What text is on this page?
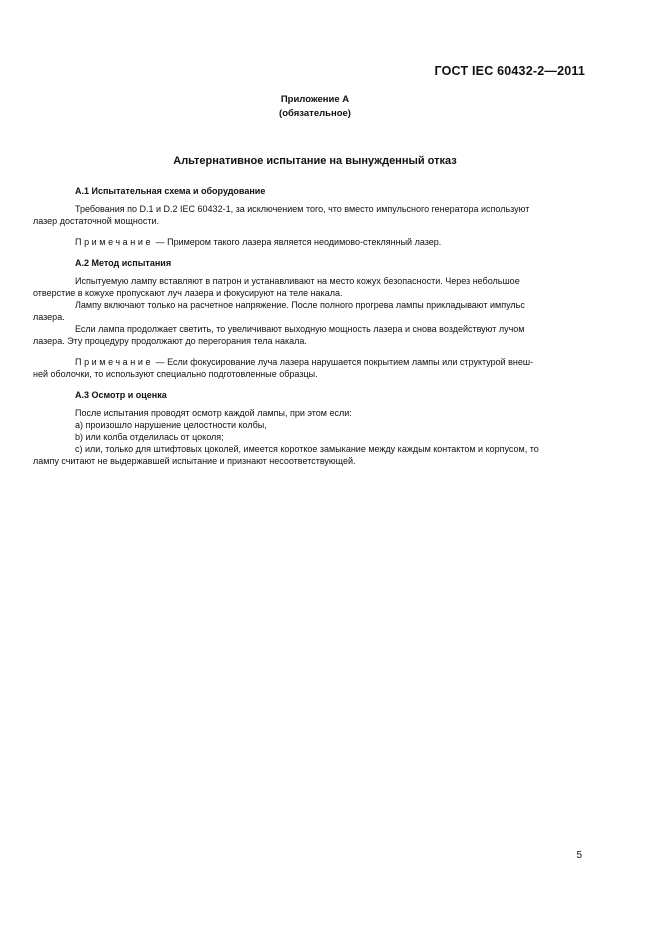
ГОСТ IEC 60432-2—2011
Приложение А
(обязательное)
Альтернативное испытание на вынужденный отказ
А.1 Испытательная схема и оборудование

Требования по D.1 и D.2 IEC 60432-1, за исключением того, что вместо импульсного генератора используют

лазер достаточной мощности.

Примечание — Примером такого лазера является неодимово-стеклянный лазер.

А.2 Метод испытания

Испытуемую лампу вставляют в патрон и устанавливают на место кожух безопасности. Через небольшое

отверстие в кожухе пропускают луч лазера и фокусируют на теле накала.

Лампу включают только на расчетное напряжение. После полного прогрева лампы прикладывают импульс

лазера.

Если лампа продолжает светить, то увеличивают выходную мощность лазера и снова воздействуют лучом

лазера. Эту процедуру продолжают до перегорания тела накала.

Примечание — Если фокусирование луча лазера нарушается покрытием лампы или структурой внеш-

ней оболочки, то используют специально подготовленные образцы.

А.3 Осмотр и оценка

После испытания проводят осмотр каждой лампы, при этом если:

a) произошло нарушение целостности колбы,

b) или колба отделилась от цоколя;

c) или, только для штифтовых цоколей, имеется короткое замыкание между каждым контактом и корпусом, то

лампу считают не выдержавшей испытание и признают несоответствующей.

5
